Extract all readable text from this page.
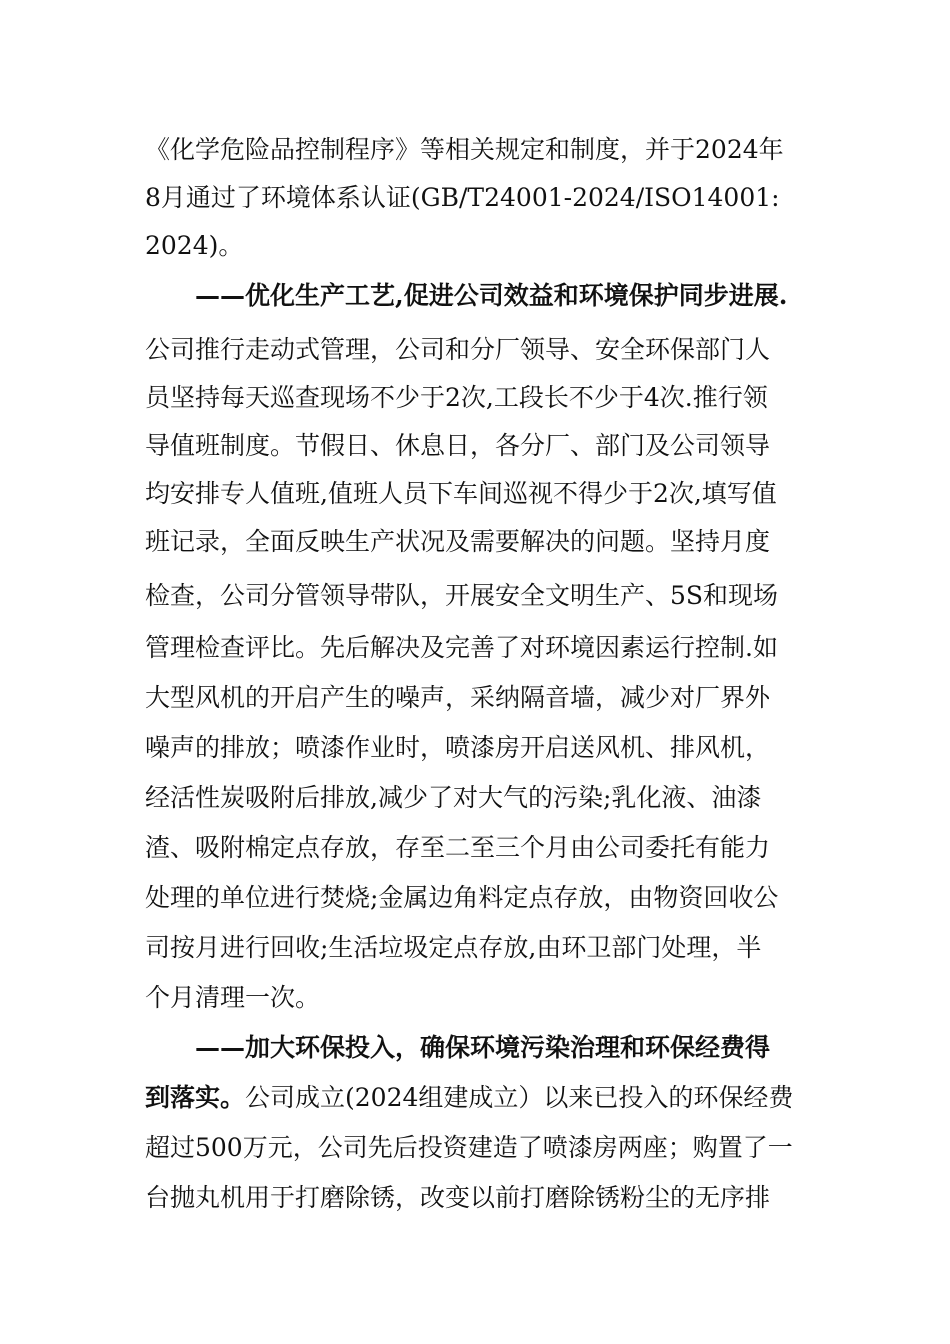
《化学危险品控制程序》等相关规定和制度，并于2024年
8月通过了环境体系认证(GB/T24001-2024/ISO14001:
2024)。
——优化生产工艺,促进公司效益和环境保护同步进展.
公司推行走动式管理，公司和分厂领导、安全环保部门人
员坚持每天巡查现场不少于2次,工段长不少于4次.推行领
导值班制度。节假日、休息日，各分厂、部门及公司领导
均安排专人值班,值班人员下车间巡视不得少于2次,填写值
班记录，全面反映生产状况及需要解决的问题。坚持月度
检查，公司分管领导带队，开展安全文明生产、5S和现场
管理检查评比。先后解决及完善了对环境因素运行控制.如
大型风机的开启产生的噪声，采纳隔音墙，减少对厂界外
噪声的排放；喷漆作业时，喷漆房开启送风机、排风机，
经活性炭吸附后排放,减少了对大气的污染;乳化液、油漆
渣、吸附棉定点存放，存至二至三个月由公司委托有能力
处理的单位进行焚烧;金属边角料定点存放，由物资回收公
司按月进行回收;生活垃圾定点存放,由环卫部门处理，半
个月清理一次。
——加大环保投入，确保环境污染治理和环保经费得
到落实。公司成立(2024组建成立）以来已投入的环保经费
超过500万元，公司先后投资建造了喷漆房两座；购置了一
台抛丸机用于打磨除锈，改变以前打磨除锈粉尘的无序排
